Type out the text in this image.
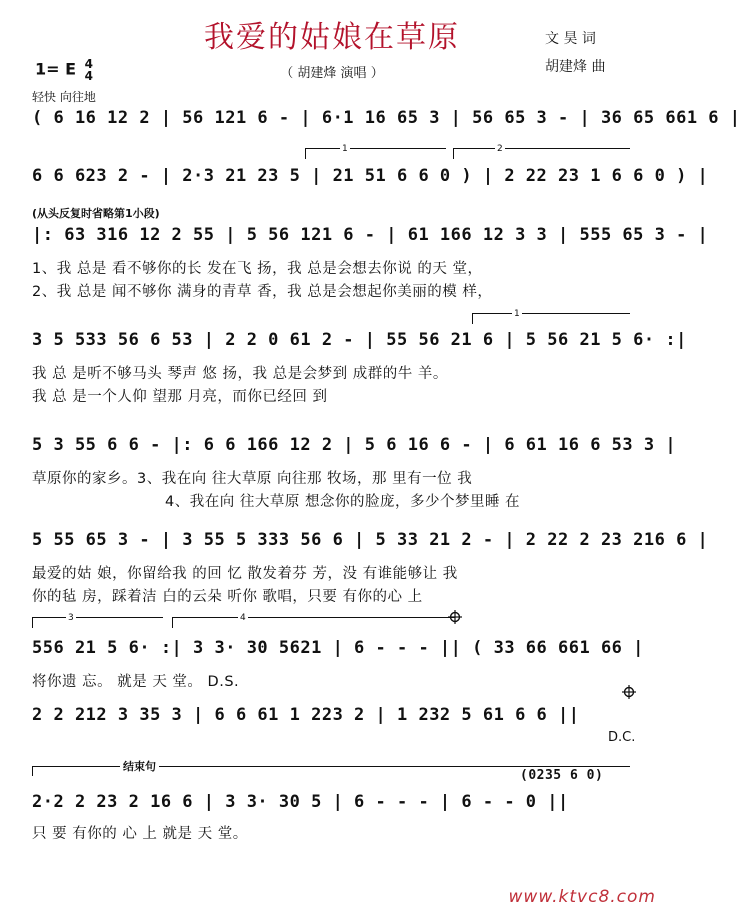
我爱的姑娘在草原	文 昊 词
胡建烽 曲
（ 胡建烽 演唱 ）
1= E 4
4
轻快 向往地
( 6 16 12 2 | 56 121 6 - | 6·1 16 65 3 | 56 65 3 - | 36 65 661 6 |
1	2
6 6 623 2 - | 2·3 21 23 5 | 21 51 6 6 0 ) | 2 22 23 1 6 6 0 ) |
(从头反复时省略第1小段)
|: 63 316 12 2 55 | 5 56 121 6 - | 61 166 12 3 3 | 555 65 3 - |
1、我 总是 看不够你的长 发在飞 扬，我 总是会想去你说 的天 堂，
2、我 总是 闻不够你 满身的青草 香，我 总是会想起你美丽的模 样，
1
3 5 533 56 6 53 | 2 2 0 61 2 - | 55 56 21 6 | 5 56 21 5 6· :|
我 总 是听不够马头 琴声 悠 扬，我 总是会梦到 成群的牛 羊。
我 总 是一个人仰 望那 月亮，而你已经回 到
5 3 55 6 6 - |: 6 6 166 12 2 | 5 6 16 6 - | 6 61 16 6 53 3 |
草原你的家乡。3、我在向 往大草原 向往那 牧场，那 里有一位 我
4、我在向 往大草原 想念你的脸庞，多少个梦里睡 在
5 55 65 3 - | 3 55 5 333 56 6 | 5 33 21 2 - | 2 22 2 23 216 6 |
最爱的姑 娘，你留给我 的回 忆 散发着芬 芳，没 有谁能够让 我
你的毡 房，踩着洁 白的云朵 听你 歌唱，只要 有你的心 上
3	4
556 21 5 6· :| 3 3· 30 5621 | 6 - - - || ( 33 66 661 66 |
将你遗 忘。 就是 天 堂。 D.S.
2 2 212 3 35 3 | 6 6 61 1 223 2 | 1 232 5 61 6 6 ||
D.C.
结束句
(0235 6 0)
2·2 2 23 2 16 6 | 3 3· 30 5 | 6 - - - | 6 - - 0 ||
只 要 有你的 心 上 就是 天 堂。
www.ktvc8.com
